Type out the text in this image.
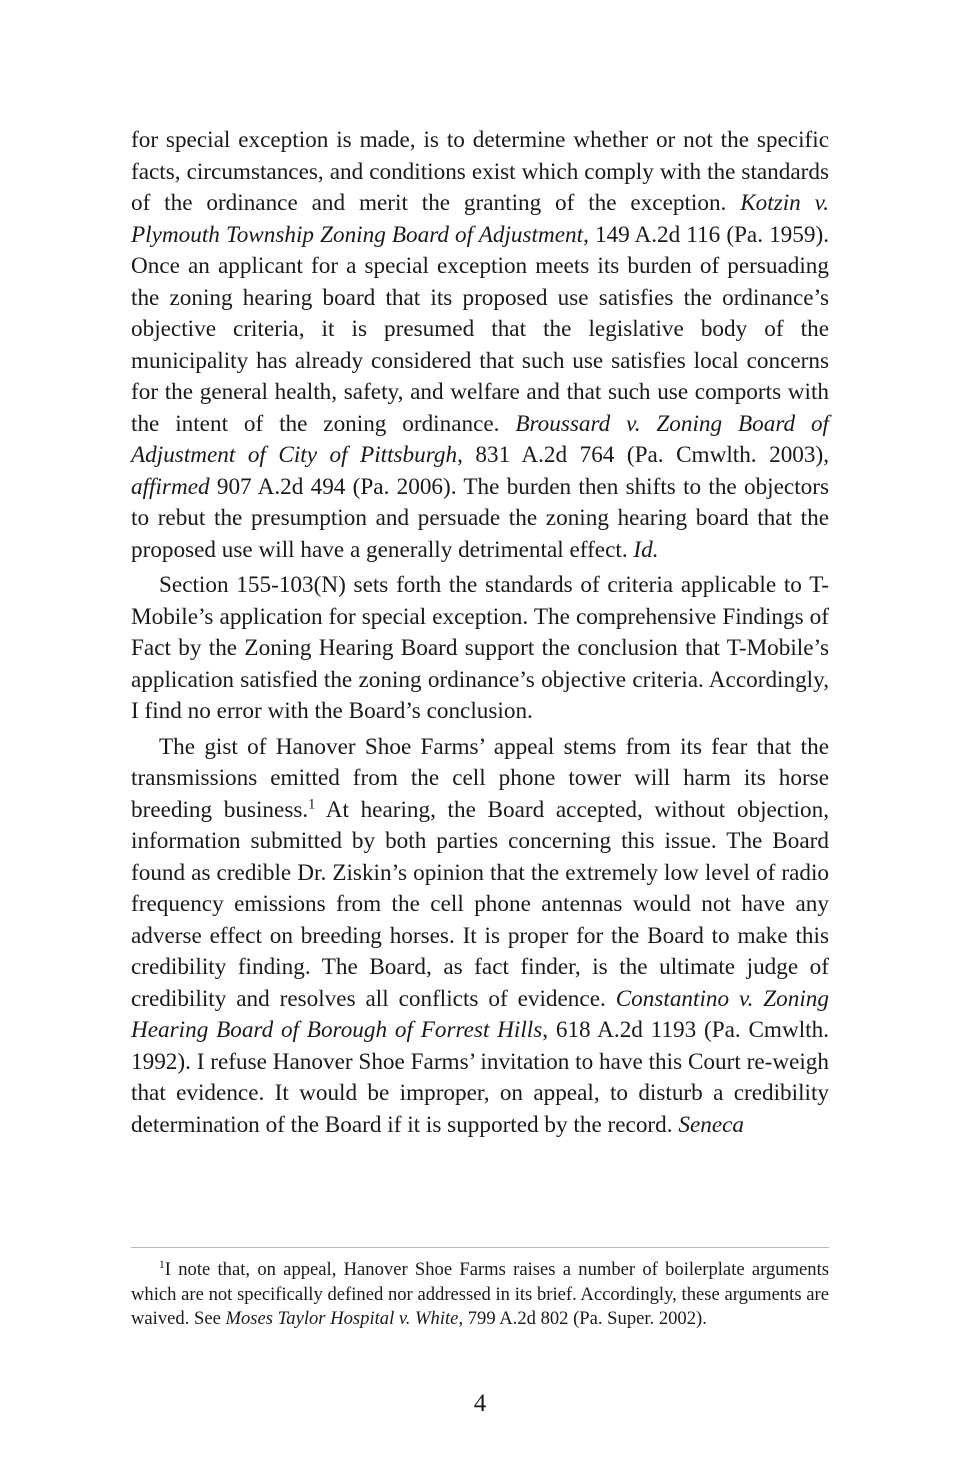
for special exception is made, is to determine whether or not the specific facts, circumstances, and conditions exist which comply with the standards of the ordinance and merit the granting of the exception. Kotzin v. Plymouth Township Zoning Board of Adjustment, 149 A.2d 116 (Pa. 1959). Once an applicant for a special exception meets its burden of persuading the zoning hearing board that its proposed use satisfies the ordinance’s objective criteria, it is presumed that the legislative body of the municipality has already considered that such use satisfies local concerns for the general health, safety, and welfare and that such use comports with the intent of the zoning ordinance. Broussard v. Zoning Board of Adjustment of City of Pittsburgh, 831 A.2d 764 (Pa. Cmwlth. 2003), affirmed 907 A.2d 494 (Pa. 2006). The burden then shifts to the objectors to rebut the presumption and persuade the zoning hearing board that the proposed use will have a generally detrimental effect. Id.

Section 155-103(N) sets forth the standards of criteria applicable to T-Mobile’s application for special exception. The comprehensive Findings of Fact by the Zoning Hearing Board support the conclusion that T-Mobile’s application satisfied the zoning ordinance’s objective criteria. Accordingly, I find no error with the Board’s conclusion.

The gist of Hanover Shoe Farms’ appeal stems from its fear that the transmissions emitted from the cell phone tower will harm its horse breeding business.$^1$ At hearing, the Board accepted, without objection, information submitted by both parties concerning this issue. The Board found as credible Dr. Ziskin’s opinion that the extremely low level of radio frequency emissions from the cell phone antennas would not have any adverse effect on breeding horses. It is proper for the Board to make this credibility finding. The Board, as fact finder, is the ultimate judge of credibility and resolves all conflicts of evidence. Constantino v. Zoning Hearing Board of Borough of Forrest Hills, 618 A.2d 1193 (Pa. Cmwlth. 1992). I refuse Hanover Shoe Farms’ invitation to have this Court re-weigh that evidence. It would be improper, on appeal, to disturb a credibility determination of the Board if it is supported by the record. Seneca

$^1$I note that, on appeal, Hanover Shoe Farms raises a number of boilerplate arguments which are not specifically defined nor addressed in its brief. Accordingly, these arguments are waived. See Moses Taylor Hospital v. White, 799 A.2d 802 (Pa. Super. 2002).

4
